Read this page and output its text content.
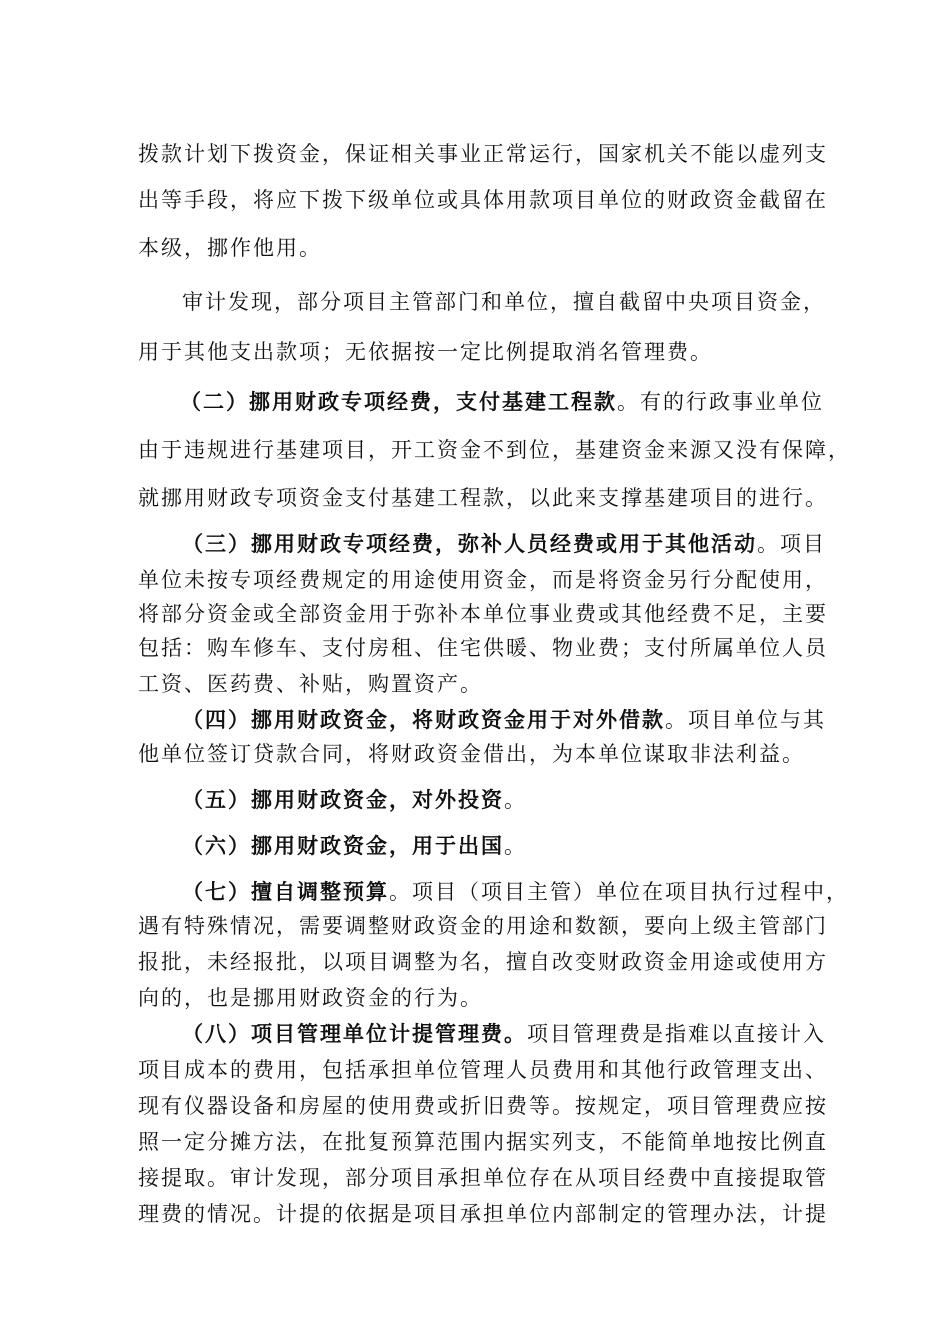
拨款计划下拨资金，保证相关事业正常运行，国家机关不能以虚列支
出等手段，将应下拨下级单位或具体用款项目单位的财政资金截留在
本级，挪作他用。
审计发现，部分项目主管部门和单位，擅自截留中央项目资金，
用于其他支出款项；无依据按一定比例提取消名管理费。
（二）挪用财政专项经费，支付基建工程款。有的行政事业单位
由于违规进行基建项目，开工资金不到位，基建资金来源又没有保障，
就挪用财政专项资金支付基建工程款，以此来支撑基建项目的进行。
（三）挪用财政专项经费，弥补人员经费或用于其他活动。项目
单位未按专项经费规定的用途使用资金，而是将资金另行分配使用，
将部分资金或全部资金用于弥补本单位事业费或其他经费不足，主要
包括：购车修车、支付房租、住宅供暖、物业费；支付所属单位人员
工资、医药费、补贴，购置资产。
（四）挪用财政资金，将财政资金用于对外借款。项目单位与其
他单位签订贷款合同，将财政资金借出，为本单位谋取非法利益。
（五）挪用财政资金，对外投资。
（六）挪用财政资金，用于出国。
（七）擅自调整预算。项目（项目主管）单位在项目执行过程中，
遇有特殊情况，需要调整财政资金的用途和数额，要向上级主管部门
报批，未经报批，以项目调整为名，擅自改变财政资金用途或使用方
向的，也是挪用财政资金的行为。
（八）项目管理单位计提管理费。项目管理费是指难以直接计入
项目成本的费用，包括承担单位管理人员费用和其他行政管理支出、
现有仪器设备和房屋的使用费或折旧费等。按规定，项目管理费应按
照一定分摊方法，在批复预算范围内据实列支，不能简单地按比例直
接提取。审计发现，部分项目承担单位存在从项目经费中直接提取管
理费的情况。计提的依据是项目承担单位内部制定的管理办法，计提
